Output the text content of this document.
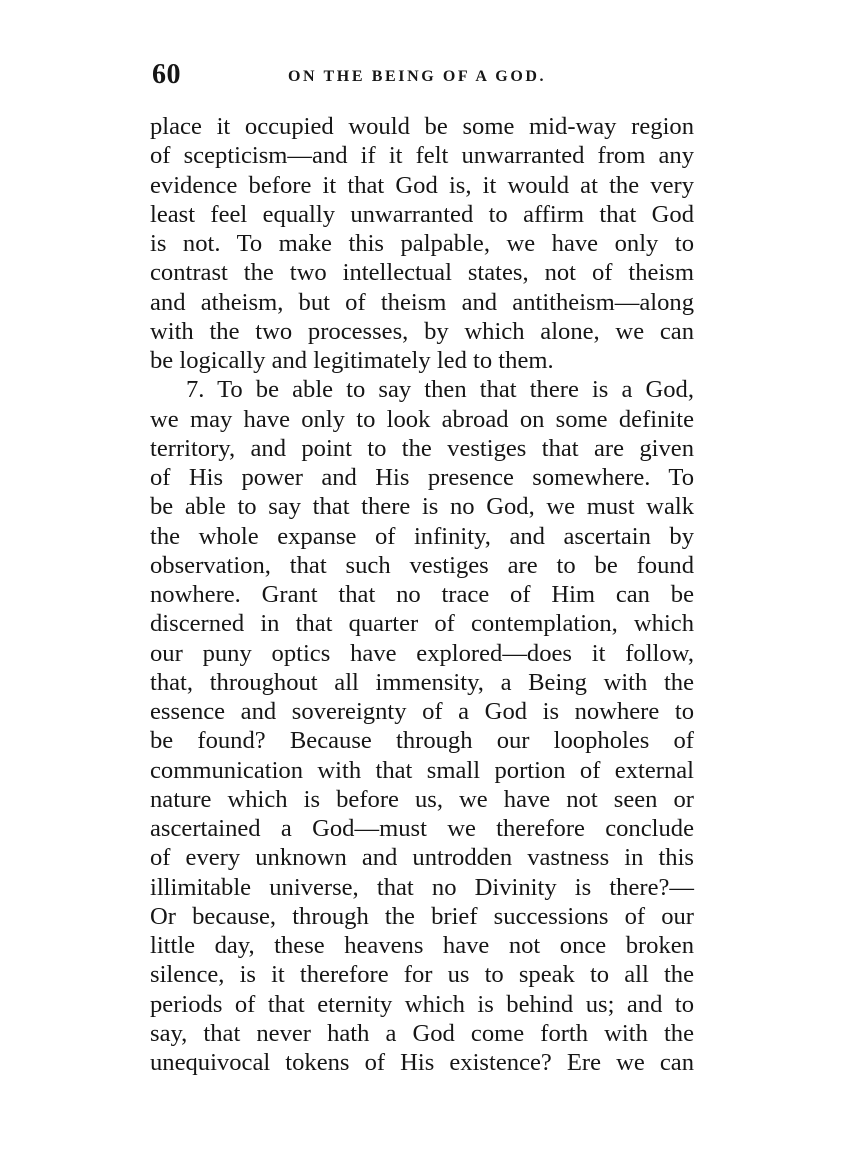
60	ON THE BEING OF A GOD.
place it occupied would be some mid-way region
of scepticism—and if it felt unwarranted from any
evidence before it that God is, it would at the very
least feel equally unwarranted to affirm that God
is not. To make this palpable, we have only to
contrast the two intellectual states, not of theism
and atheism, but of theism and antitheism—along
with the two processes, by which alone, we can
be logically and legitimately led to them.
7. To be able to say then that there is a God,
we may have only to look abroad on some definite
territory, and point to the vestiges that are given
of His power and His presence somewhere. To
be able to say that there is no God, we must walk
the whole expanse of infinity, and ascertain by
observation, that such vestiges are to be found
nowhere. Grant that no trace of Him can be
discerned in that quarter of contemplation, which
our puny optics have explored—does it follow,
that, throughout all immensity, a Being with the
essence and sovereignty of a God is nowhere to
be found? Because through our loopholes of
communication with that small portion of external
nature which is before us, we have not seen or
ascertained a God—must we therefore conclude
of every unknown and untrodden vastness in this
illimitable universe, that no Divinity is there?—
Or because, through the brief successions of our
little day, these heavens have not once broken
silence, is it therefore for us to speak to all the
periods of that eternity which is behind us; and to
say, that never hath a God come forth with the
unequivocal tokens of His existence? Ere we can
